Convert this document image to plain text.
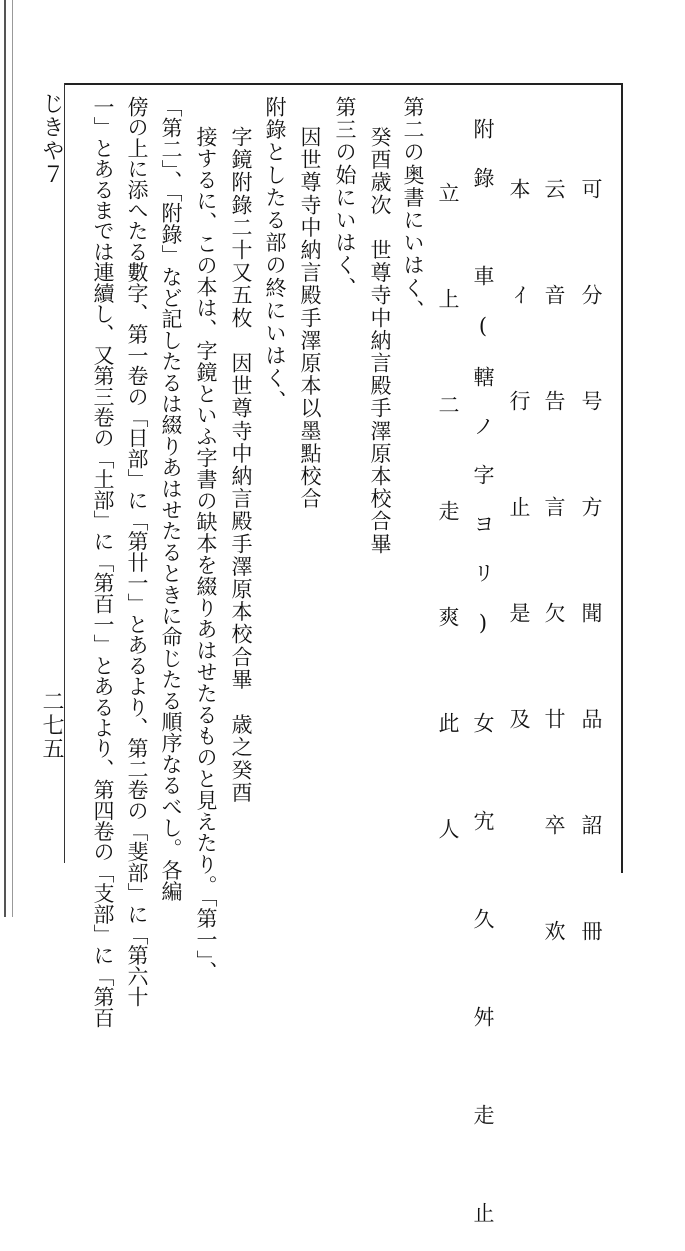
じきや７
二七五	可　分　号　方　聞　品　詔　冊
云　音　告　言　欠　廿　卒　欢
本　ｲ　行　止　是　及
附錄　車(轄ノ字ヨリ)　女　宄　久　舛　走　止
立　上　二　走　爽　此　人
第二の奥書にいはく、
癸酉歳次　世尊寺中納言殿手澤原本校合畢
第三の始にいはく、
因世尊寺中納言殿手澤原本以墨點校合
附錄としたる部の終にいはく、
字鏡附錄二十又五枚　因世尊寺中納言殿手澤原本校合畢　歳之癸酉
接するに、この本は、字鏡といふ字書の缺本を綴りあはせたるものと見えたり。「第一」、
「第二」、「附錄」など記したるは綴りあはせたるときに命じたる順序なるべし。各編
傍の上に添へたる數字、第一卷の「日部」に「第卄一」とあるより、第二卷の「斐部」に「第六十
一」とあるまでは連續し、又第三卷の「土部」に「第百一」とあるより、第四卷の「支部」に「第百
